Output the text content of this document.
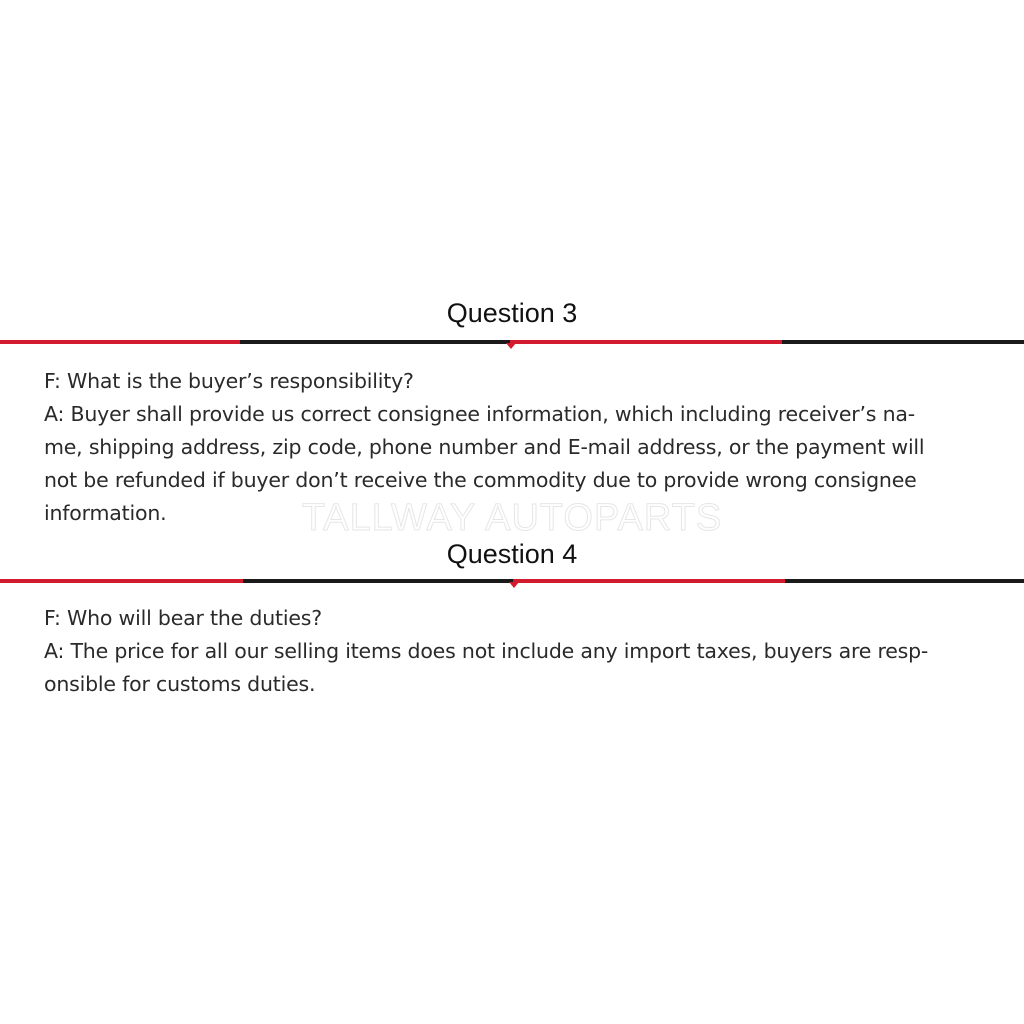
Question 3
F: What is the buyer’s responsibility?
A: Buyer shall provide us correct consignee information, which including receiver’s na-
me, shipping address, zip code, phone number and E-mail address, or the payment will
not be refunded if buyer don’t receive the commodity due to provide wrong consignee
information.	TALLWAY AUTOPARTS
Question 4
F: Who will bear the duties?
A: The price for all our selling items does not include any import taxes, buyers are resp-
onsible for customs duties.
